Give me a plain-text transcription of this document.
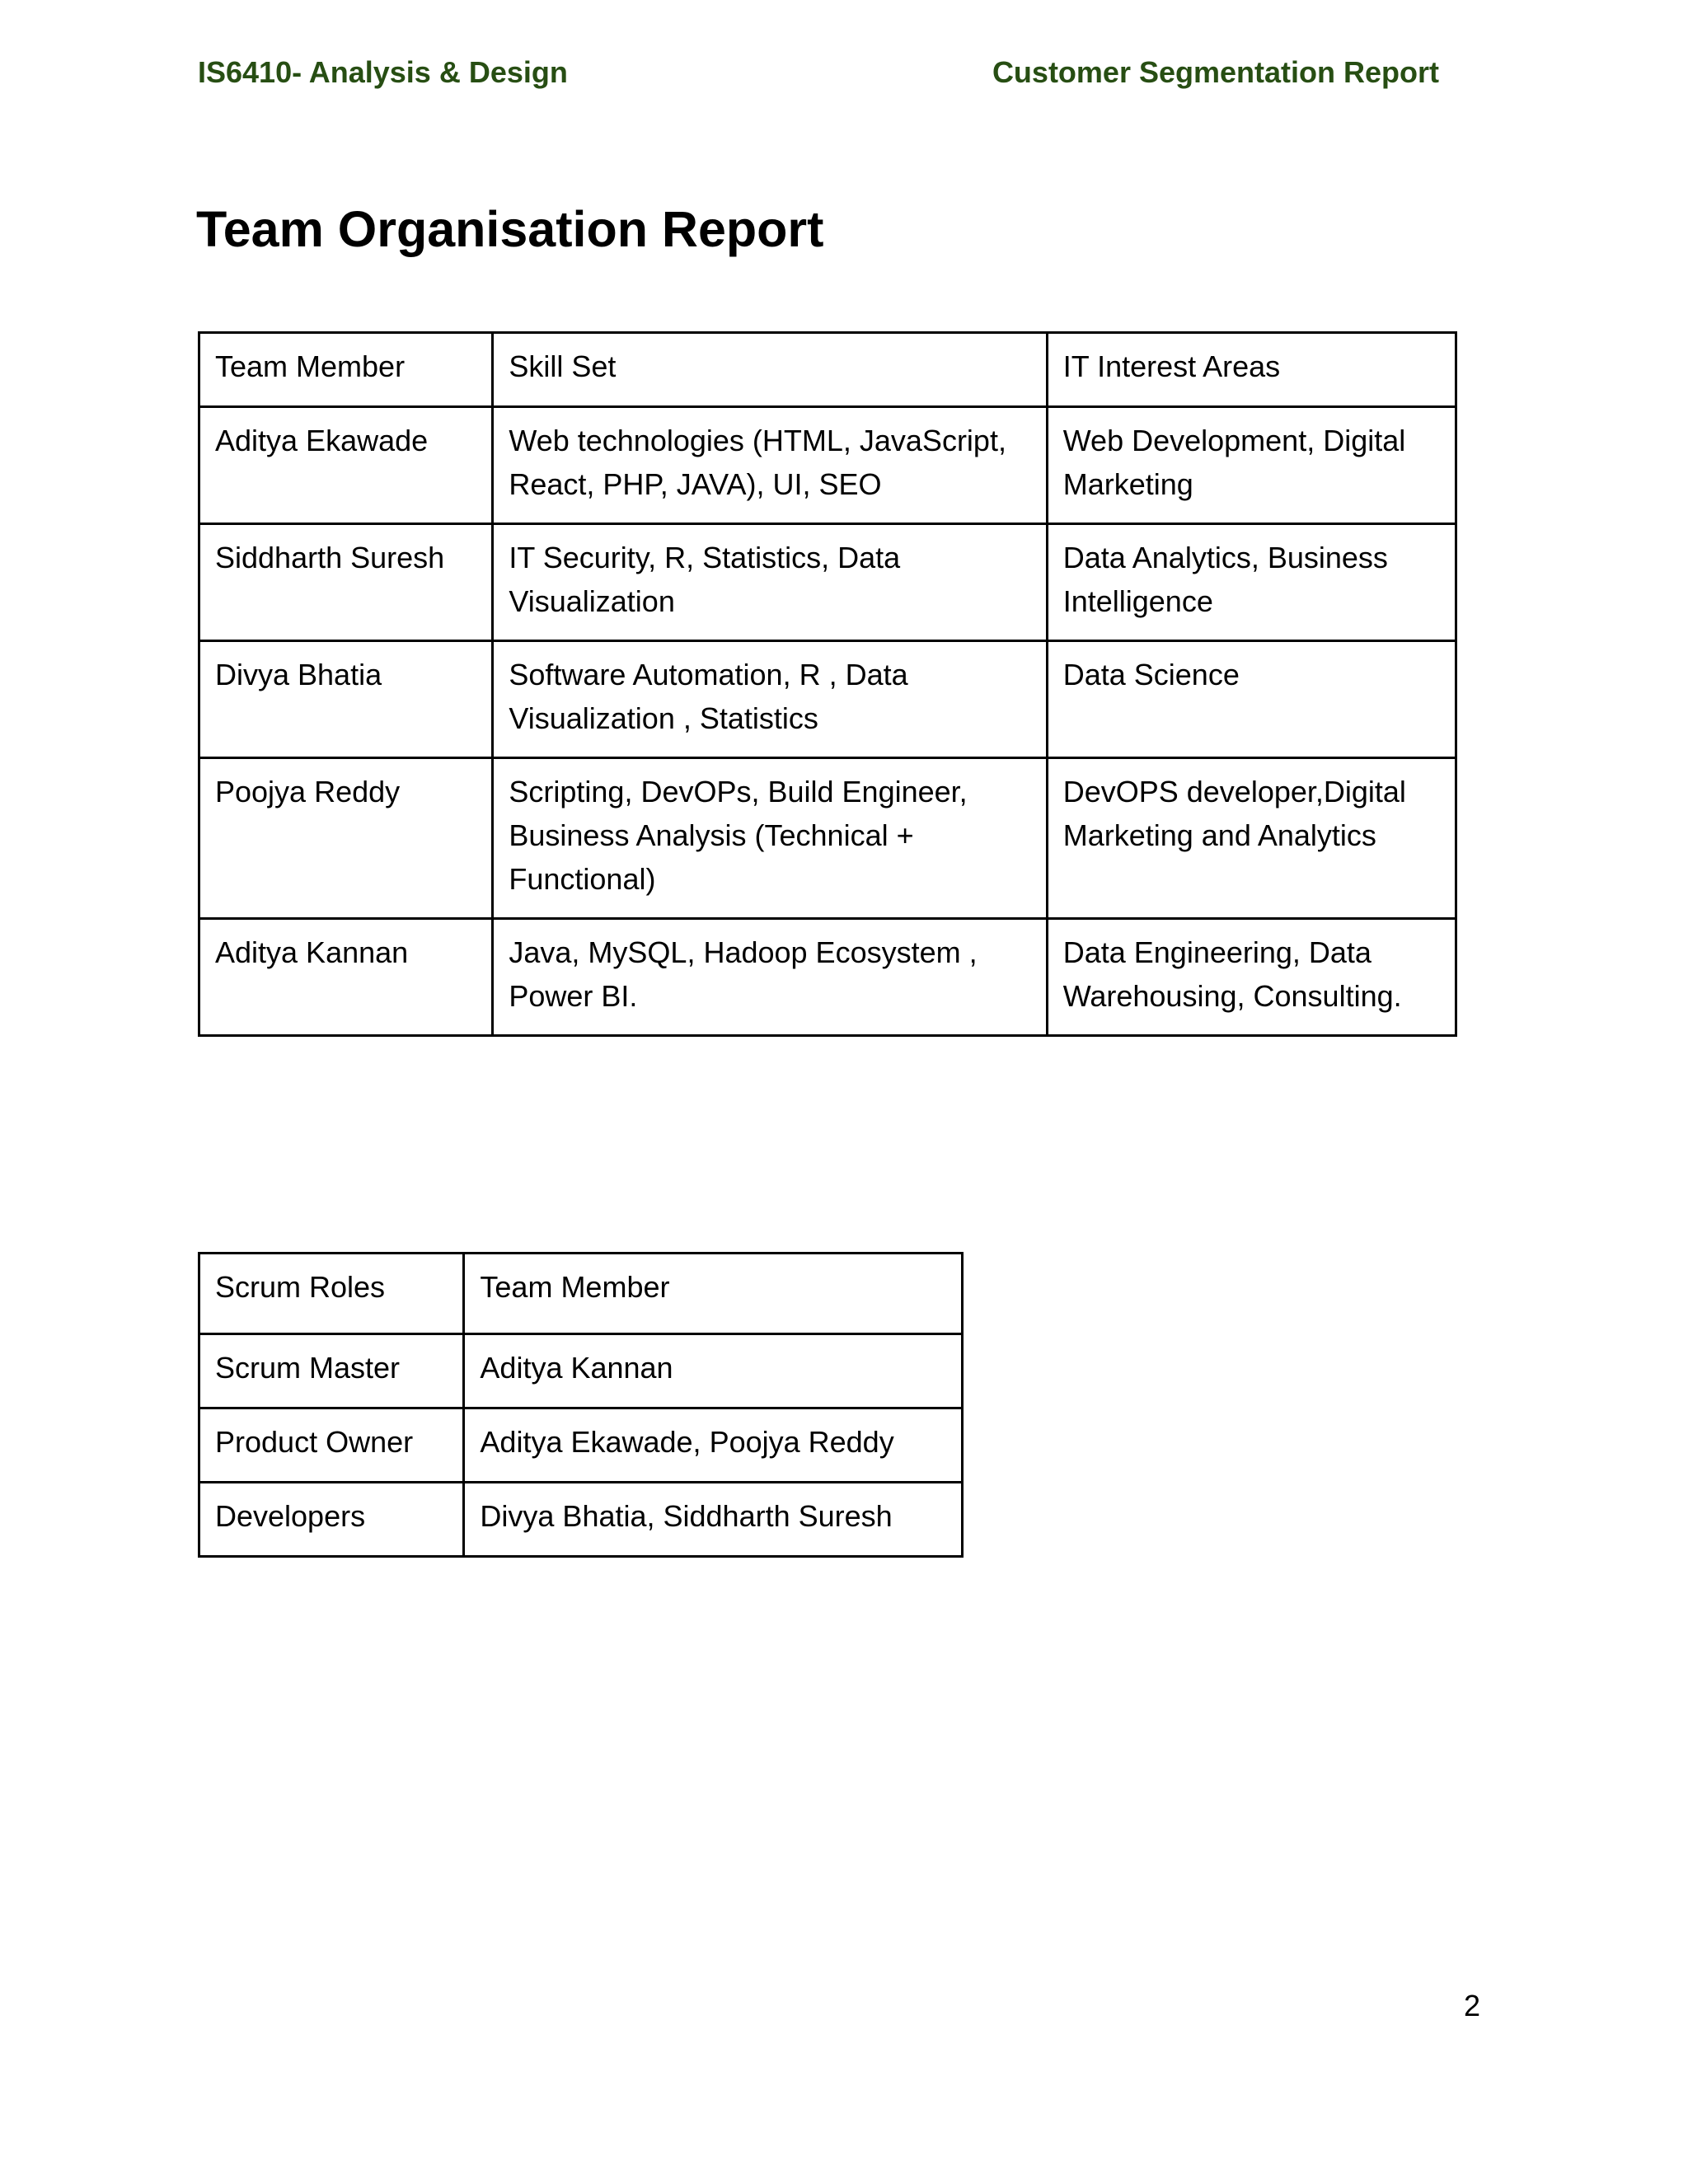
IS6410- Analysis & Design	Customer Segmentation Report
Team Organisation Report
Team Member	Skill Set	IT Interest Areas
Aditya Ekawade	Web technologies (HTML, JavaScript, React, PHP, JAVA), UI, SEO	Web Development, Digital Marketing
Siddharth Suresh	IT Security, R, Statistics, Data Visualization	Data Analytics, Business Intelligence
Divya Bhatia	Software Automation, R , Data Visualization , Statistics	Data Science
Poojya Reddy	Scripting, DevOPs, Build Engineer, Business Analysis (Technical + Functional)	DevOPS developer,Digital Marketing and Analytics
Aditya Kannan	Java, MySQL, Hadoop Ecosystem , Power BI.	Data Engineering, Data Warehousing, Consulting.
Scrum Roles	Team Member
Scrum Master	Aditya Kannan
Product Owner	Aditya Ekawade, Poojya Reddy
Developers	Divya Bhatia, Siddharth Suresh
2
